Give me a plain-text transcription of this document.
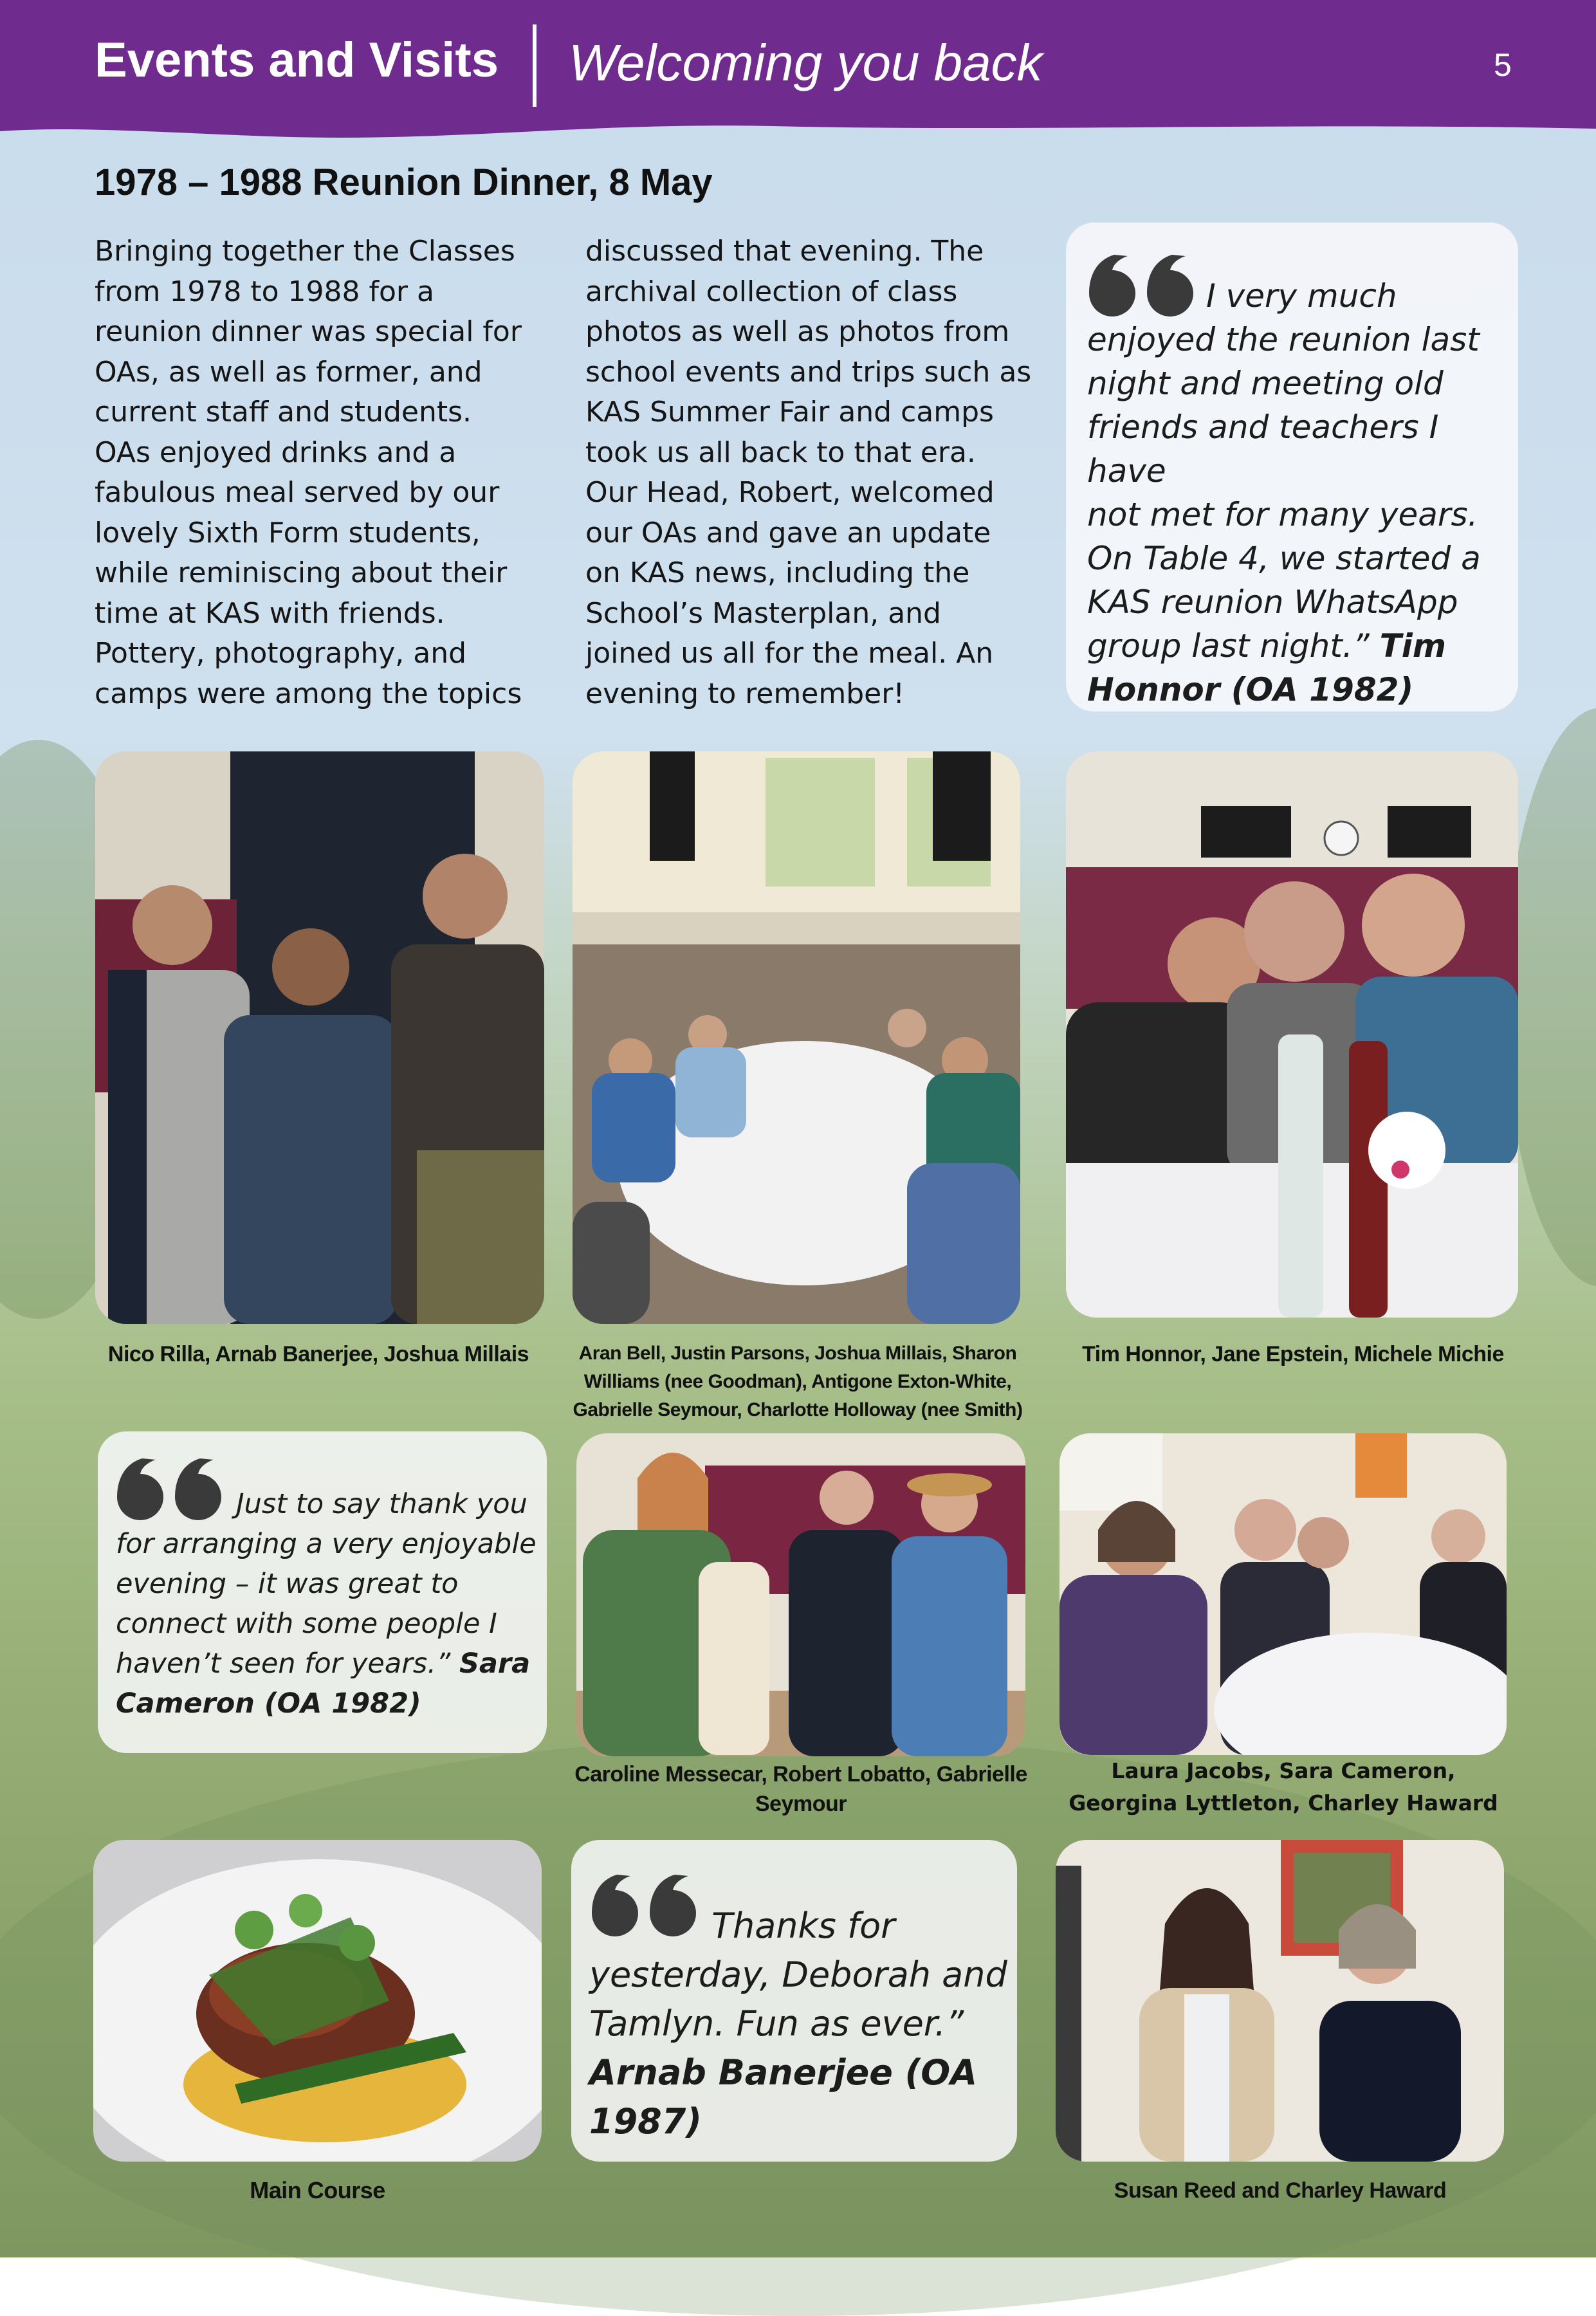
Events and Visits Welcoming you back	5
1978 – 1988 Reunion Dinner, 8 May
Bringing together the Classes
from 1978 to 1988 for a
reunion dinner was special for
OAs, as well as former, and
current staff and students.
OAs enjoyed drinks and a
fabulous meal served by our
lovely Sixth Form students,
while reminiscing about their
time at KAS with friends.
Pottery, photography, and
camps were among the topics
discussed that evening. The
archival collection of class
photos as well as photos from
school events and trips such as
KAS Summer Fair and camps
took us all back to that era.
Our Head, Robert, welcomed
our OAs and gave an update
on KAS news, including the
School’s Masterplan, and
joined us all for the meal. An
evening to remember!
I very much
enjoyed the reunion last
night and meeting old
friends and teachers I have
not met for many years.
On Table 4, we started a
KAS reunion WhatsApp
group last night.” Tim
Honnor (OA 1982)
Nico Rilla, Arnab Banerjee, Joshua Millais	Aran Bell, Justin Parsons, Joshua Millais, Sharon
Williams (nee Goodman), Antigone Exton-White,
Gabrielle Seymour, Charlotte Holloway (nee Smith)
Tim Honnor, Jane Epstein, Michele Michie
Just to say thank you
for arranging a very enjoyable
evening – it was great to
connect with some people I
haven’t seen for years.” Sara
Cameron (OA 1982)
Caroline Messecar, Robert Lobatto, Gabrielle
Seymour
Laura Jacobs, Sara Cameron,
Georgina Lyttleton, Charley Haward
Thanks for
yesterday, Deborah and
Tamlyn. Fun as ever.”
Arnab Banerjee (OA
1987)
Main Course	Susan Reed and Charley Haward
